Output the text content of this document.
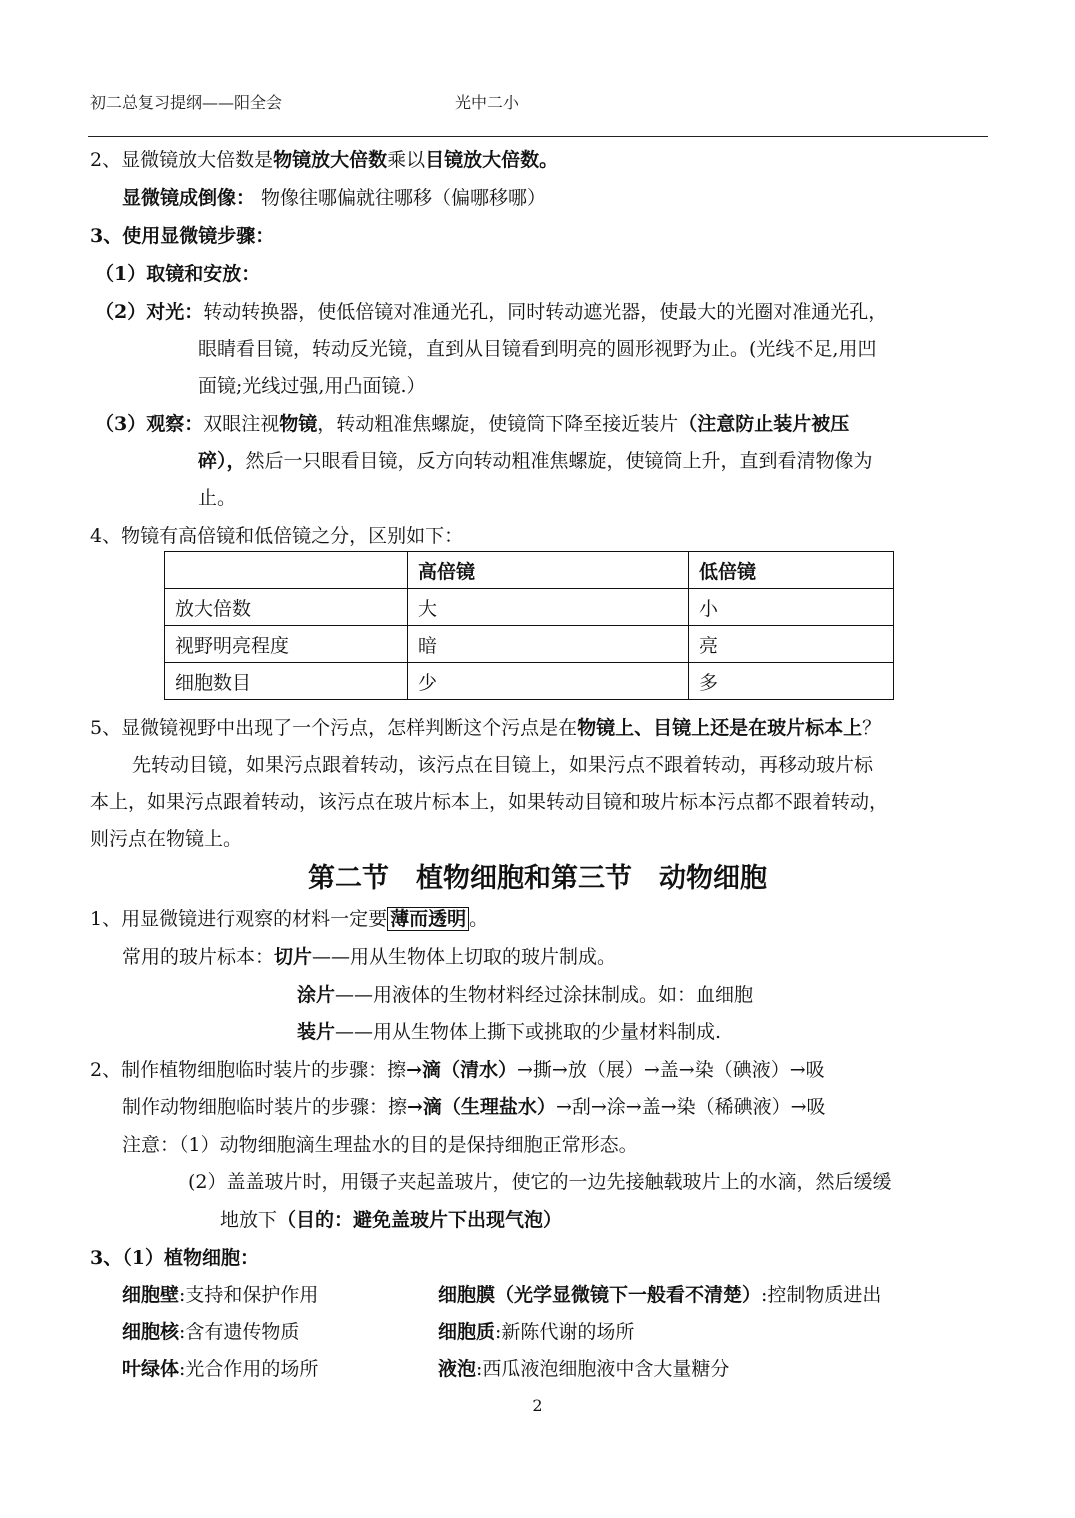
初二总复习提纲——阳全会	光中二小
2、显微镜放大倍数是物镜放大倍数乘以目镜放大倍数。
显微镜成倒像： 物像往哪偏就往哪移（偏哪移哪）
3、使用显微镜步骤：
（1）取镜和安放：
（2）对光：转动转换器，使低倍镜对准通光孔，同时转动遮光器，使最大的光圈对准通光孔，
眼睛看目镜，转动反光镜，直到从目镜看到明亮的圆形视野为止。(光线不足,用凹
面镜;光线过强,用凸面镜.）
（3）观察：双眼注视物镜，转动粗准焦螺旋，使镜筒下降至接近装片（注意防止装片被压
碎），然后一只眼看目镜，反方向转动粗准焦螺旋，使镜筒上升，直到看清物像为
止。
4、物镜有高倍镜和低倍镜之分，区别如下：
	高倍镜	低倍镜
放大倍数	大	小
视野明亮程度	暗	亮
细胞数目	少	多
5、显微镜视野中出现了一个污点，怎样判断这个污点是在物镜上、目镜上还是在玻片标本上？
先转动目镜，如果污点跟着转动，该污点在目镜上，如果污点不跟着转动，再移动玻片标
本上，如果污点跟着转动，该污点在玻片标本上，如果转动目镜和玻片标本污点都不跟着转动，
则污点在物镜上。
第二节　植物细胞和第三节　动物细胞
1、用显微镜进行观察的材料一定要 薄而透明 。
常用的玻片标本：切片——用从生物体上切取的玻片制成。
涂片——用液体的生物材料经过涂抹制成。如：血细胞
装片——用从生物体上撕下或挑取的少量材料制成.
2、制作植物细胞临时装片的步骤：擦→滴（清水）→撕→放（展）→盖→染（碘液）→吸
制作动物细胞临时装片的步骤：擦→滴（生理盐水）→刮→涂→盖→染（稀碘液）→吸
注意：（1）动物细胞滴生理盐水的目的是保持细胞正常形态。
(2）盖盖玻片时，用镊子夹起盖玻片，使它的一边先接触载玻片上的水滴，然后缓缓
地放下（目的：避免盖玻片下出现气泡）
3、（1）植物细胞：
细胞壁:支持和保护作用	细胞膜（光学显微镜下一般看不清楚）:控制物质进出
细胞核:含有遗传物质	细胞质:新陈代谢的场所
叶绿体:光合作用的场所	液泡:西瓜液泡细胞液中含大量糖分
2
